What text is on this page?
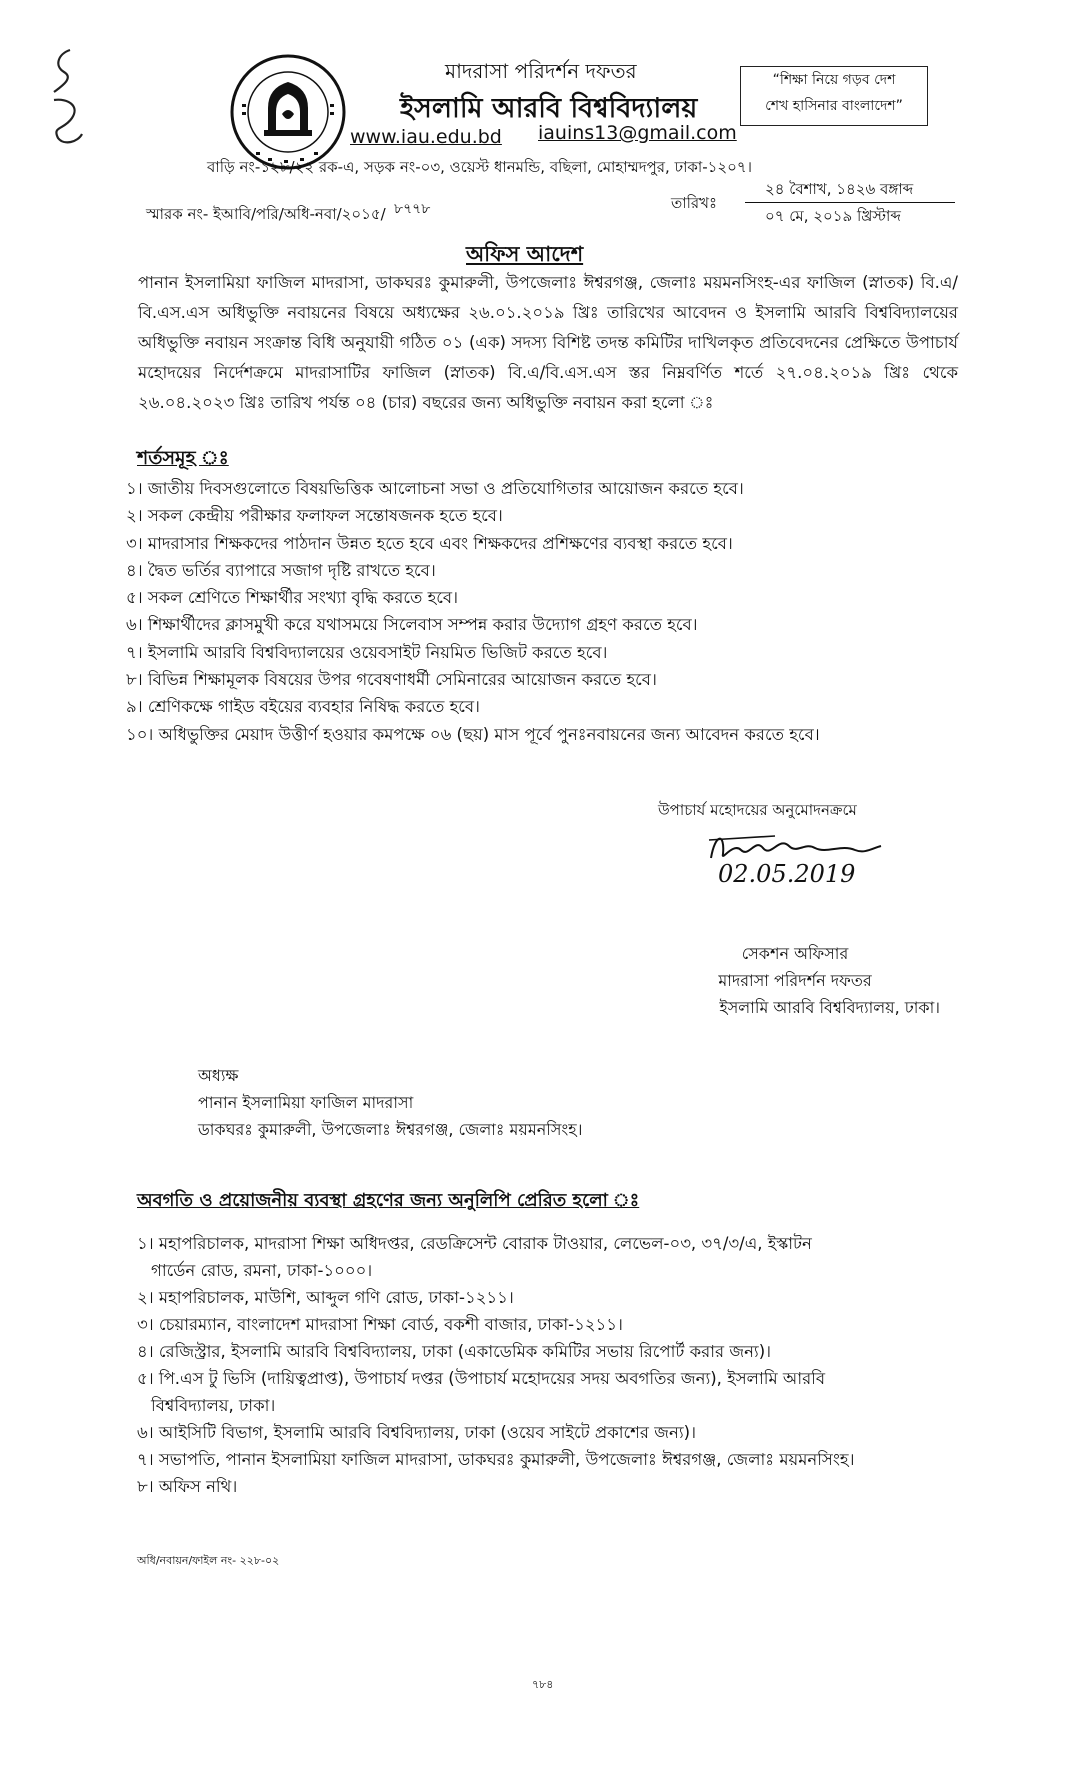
মাদরাসা পরিদর্শন দফতর
ইসলামি আরবি বিশ্ববিদ্যালয়
www.iau.edu.bd iauins13@gmail.com
বাড়ি নং-১২৮/২২ রক-এ, সড়ক নং-০৩, ওয়েস্ট ধানমন্ডি, বছিলা, মোহাম্মদপুর, ঢাকা-১২০৭।
“শিক্ষা নিয়ে গড়ব দেশ
শেখ হাসিনার বাংলাদেশ”
স্মারক নং- ইআবি/পরি/অধি-নবা/২০১৫/ ৮৭৭৮	তারিখঃ
২৪ বৈশাখ, ১৪২৬ বঙ্গাব্দ
০৭ মে, ২০১৯ খ্রিস্টাব্দ
অফিস আদেশ
পানান ইসলামিয়া ফাজিল মাদরাসা, ডাকঘরঃ কুমারুলী, উপজেলাঃ ঈশ্বরগঞ্জ, জেলাঃ ময়মনসিংহ-এর ফাজিল (স্নাতক) বি.এ/বি.এস.এস অধিভুক্তি নবায়নের বিষয়ে অধ্যক্ষের ২৬.০১.২০১৯ খ্রিঃ তারিখের আবেদন ও ইসলামি আরবি বিশ্ববিদ্যালয়ের অধিভুক্তি নবায়ন সংক্রান্ত বিধি অনুযায়ী গঠিত ০১ (এক) সদস্য বিশিষ্ট তদন্ত কমিটির দাখিলকৃত প্রতিবেদনের প্রেক্ষিতে উপাচার্য মহোদয়ের নির্দেশক্রমে মাদরাসাটির ফাজিল (স্নাতক) বি.এ/বি.এস.এস স্তর নিম্নবর্ণিত শর্তে ২৭.০৪.২০১৯ খ্রিঃ থেকে ২৬.০৪.২০২৩ খ্রিঃ তারিখ পর্যন্ত ০৪ (চার) বছরের জন্য অধিভুক্তি নবায়ন করা হলো ঃ
শর্তসমূহ ঃ
১। জাতীয় দিবসগুলোতে বিষয়ভিত্তিক আলোচনা সভা ও প্রতিযোগিতার আয়োজন করতে হবে।
২। সকল কেন্দ্রীয় পরীক্ষার ফলাফল সন্তোষজনক হতে হবে।
৩। মাদরাসার শিক্ষকদের পাঠদান উন্নত হতে হবে এবং শিক্ষকদের প্রশিক্ষণের ব্যবস্থা করতে হবে।
৪। দ্বৈত ভর্তির ব্যাপারে সজাগ দৃষ্টি রাখতে হবে।
৫। সকল শ্রেণিতে শিক্ষার্থীর সংখ্যা বৃদ্ধি করতে হবে।
৬। শিক্ষার্থীদের ক্লাসমুখী করে যথাসময়ে সিলেবাস সম্পন্ন করার উদ্যোগ গ্রহণ করতে হবে।
৭। ইসলামি আরবি বিশ্ববিদ্যালয়ের ওয়েবসাইট নিয়মিত ভিজিট করতে হবে।
৮। বিভিন্ন শিক্ষামূলক বিষয়ের উপর গবেষণাধর্মী সেমিনারের আয়োজন করতে হবে।
৯। শ্রেণিকক্ষে গাইড বইয়ের ব্যবহার নিষিদ্ধ করতে হবে।
১০। অধিভুক্তির মেয়াদ উত্তীর্ণ হওয়ার কমপক্ষে ০৬ (ছয়) মাস পূর্বে পুনঃনবায়নের জন্য আবেদন করতে হবে।
উপাচার্য মহোদয়ের অনুমোদনক্রমে
02.05.2019
সেকশন অফিসার
মাদরাসা পরিদর্শন দফতর
ইসলামি আরবি বিশ্ববিদ্যালয়, ঢাকা।
অধ্যক্ষ
পানান ইসলামিয়া ফাজিল মাদরাসা
ডাকঘরঃ কুমারুলী, উপজেলাঃ ঈশ্বরগঞ্জ, জেলাঃ ময়মনসিংহ।
অবগতি ও প্রয়োজনীয় ব্যবস্থা গ্রহণের জন্য অনুলিপি প্রেরিত হলো ঃ
১। মহাপরিচালক, মাদরাসা শিক্ষা অধিদপ্তর, রেডক্রিসেন্ট বোরাক টাওয়ার, লেভেল-০৩, ৩৭/৩/এ, ইস্কাটন
গার্ডেন রোড, রমনা, ঢাকা-১০০০।
২। মহাপরিচালক, মাউশি, আব্দুল গণি রোড, ঢাকা-১২১১।
৩। চেয়ারম্যান, বাংলাদেশ মাদরাসা শিক্ষা বোর্ড, বকশী বাজার, ঢাকা-১২১১।
৪। রেজিস্ট্রার, ইসলামি আরবি বিশ্ববিদ্যালয়, ঢাকা (একাডেমিক কমিটির সভায় রিপোর্ট করার জন্য)।
৫। পি.এস টু ভিসি (দায়িত্বপ্রাপ্ত), উপাচার্য দপ্তর (উপাচার্য মহোদয়ের সদয় অবগতির জন্য), ইসলামি আরবি
বিশ্ববিদ্যালয়, ঢাকা।
৬। আইসিটি বিভাগ, ইসলামি আরবি বিশ্ববিদ্যালয়, ঢাকা (ওয়েব সাইটে প্রকাশের জন্য)।
৭। সভাপতি, পানান ইসলামিয়া ফাজিল মাদরাসা, ডাকঘরঃ কুমারুলী, উপজেলাঃ ঈশ্বরগঞ্জ, জেলাঃ ময়মনসিংহ।
৮। অফিস নথি।
অধি/নবায়ন/ফাইল নং- ২২৮-০২
৭৮৪
